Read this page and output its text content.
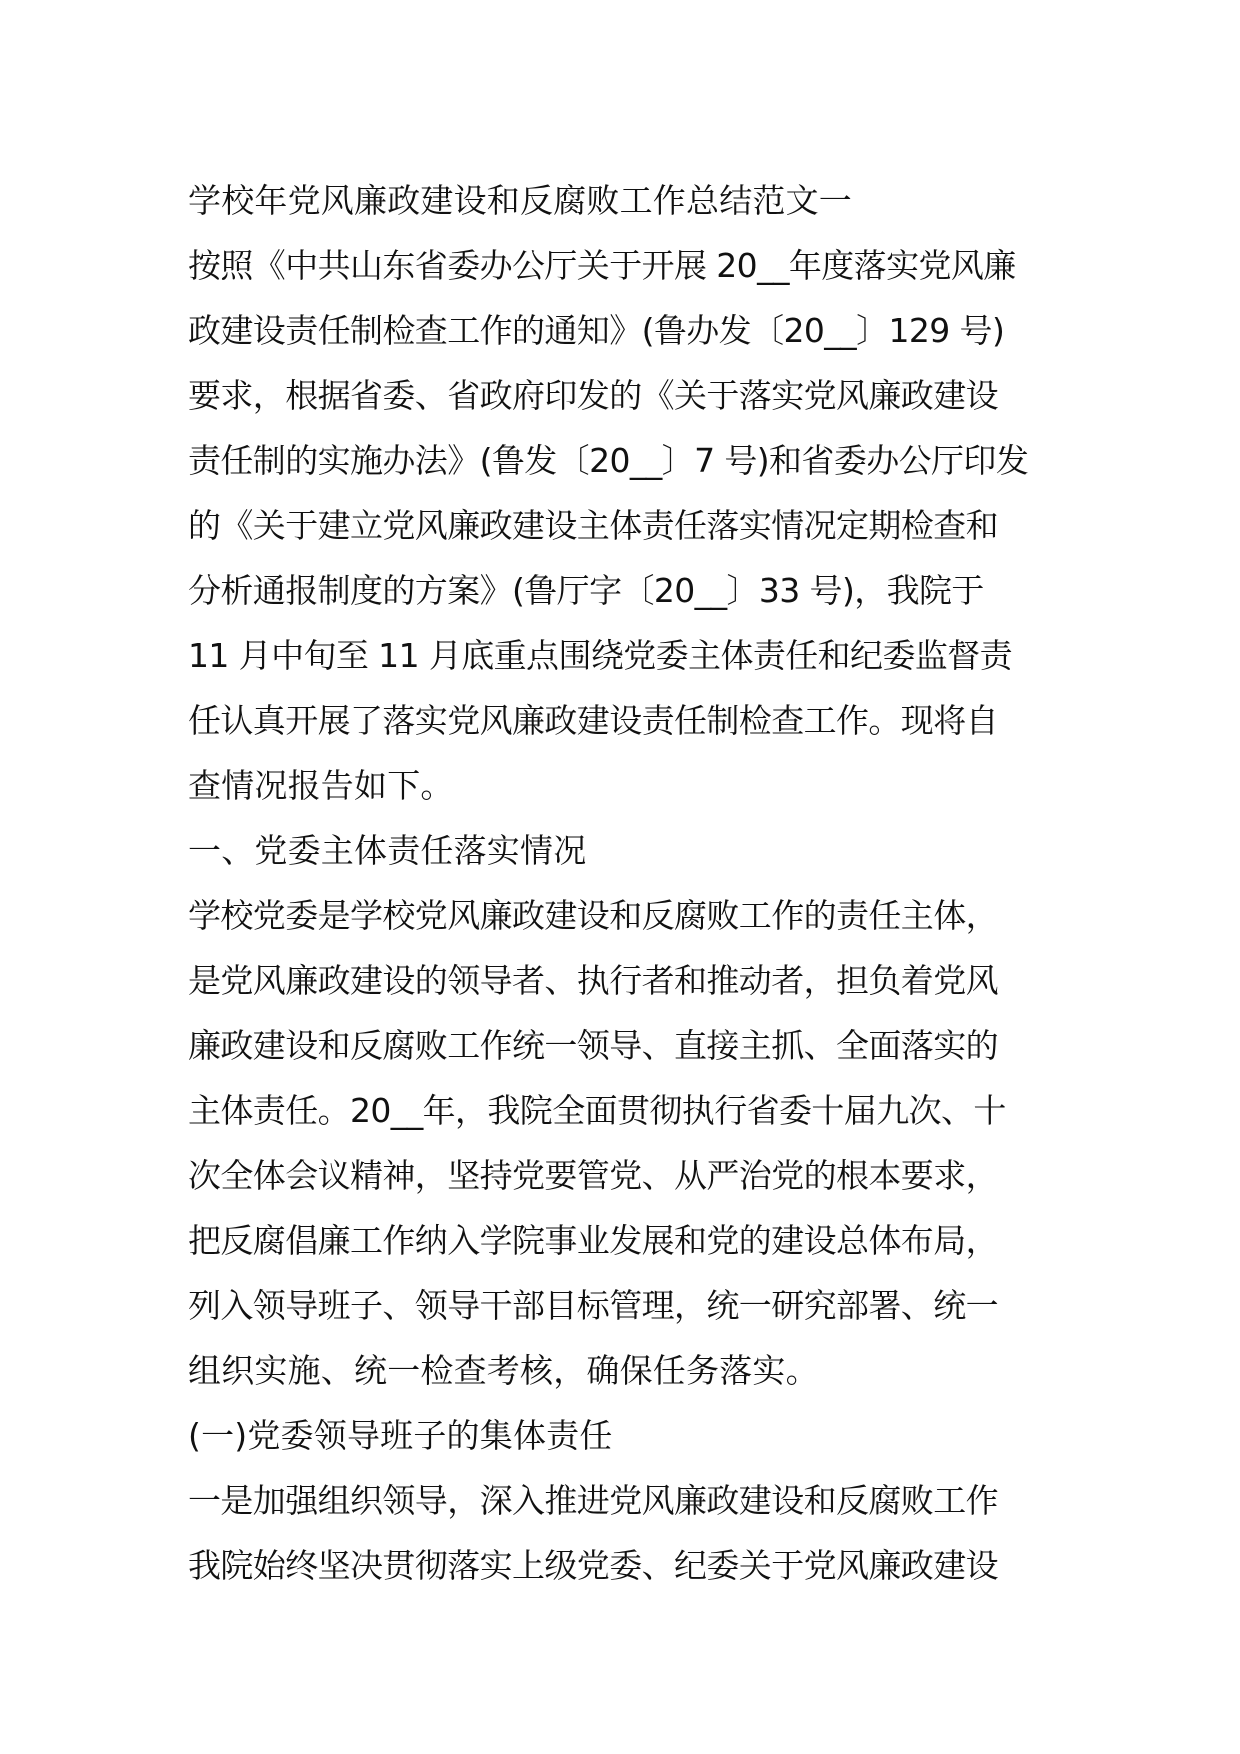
学校年党风廉政建设和反腐败工作总结范文一
按照《中共山东省委办公厅关于开展 20__年度落实党风廉
政建设责任制检查工作的通知》(鲁办发〔20__〕129 号)
要求，根据省委、省政府印发的《关于落实党风廉政建设
责任制的实施办法》(鲁发〔20__〕7 号)和省委办公厅印发
的《关于建立党风廉政建设主体责任落实情况定期检查和
分析通报制度的方案》(鲁厅字〔20__〕33 号)，我院于
11 月中旬至 11 月底重点围绕党委主体责任和纪委监督责
任认真开展了落实党风廉政建设责任制检查工作。现将自
查情况报告如下。
一、党委主体责任落实情况
学校党委是学校党风廉政建设和反腐败工作的责任主体，
是党风廉政建设的领导者、执行者和推动者，担负着党风
廉政建设和反腐败工作统一领导、直接主抓、全面落实的
主体责任。20__年，我院全面贯彻执行省委十届九次、十
次全体会议精神，坚持党要管党、从严治党的根本要求，
把反腐倡廉工作纳入学院事业发展和党的建设总体布局，
列入领导班子、领导干部目标管理，统一研究部署、统一
组织实施、统一检查考核，确保任务落实。
(一)党委领导班子的集体责任
一是加强组织领导，深入推进党风廉政建设和反腐败工作
我院始终坚决贯彻落实上级党委、纪委关于党风廉政建设
